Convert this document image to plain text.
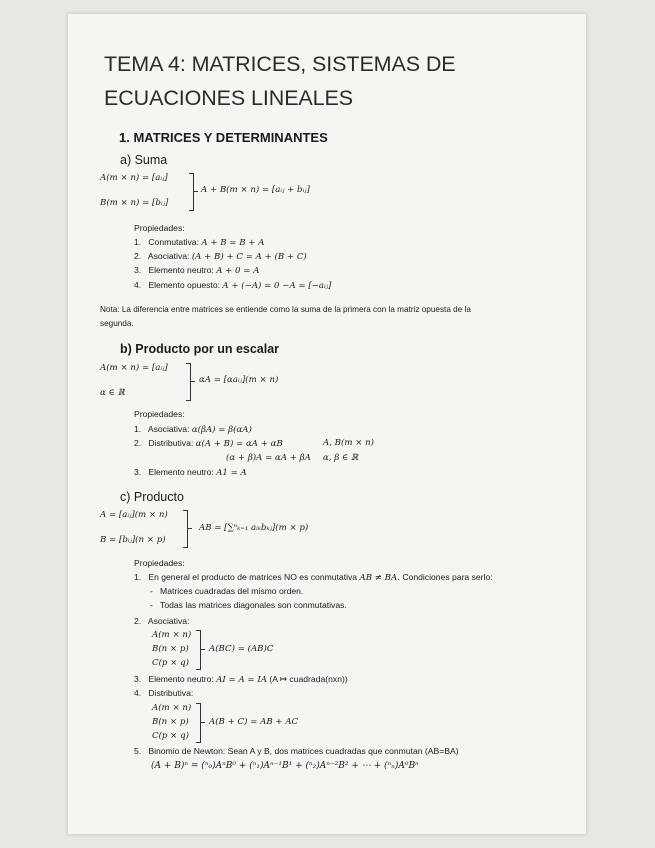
TEMA 4: MATRICES, SISTEMAS DE
ECUACIONES LINEALES
1. MATRICES Y DETERMINANTES
a) Suma
A(m × n) = [aᵢⱼ]
B(m × n) = [bᵢⱼ]
A + B(m × n) = [aᵢⱼ + bᵢⱼ]
Propiedades:
1. Conmutativa: A + B = B + A
2. Asociativa: (A + B) + C = A + (B + C)
3. Elemento neutro: A + 0 = A
4. Elemento opuesto: A + (−A) = 0 −A = [−aᵢⱼ]
Nota: La diferencia entre matrices se entiende como la suma de la primera con la matriz opuesta de la
segunda.
b) Producto por un escalar
A(m × n) = [aᵢⱼ]
α ∈ ℝ
αA = [αaᵢⱼ](m × n)
Propiedades:
1. Asociativa: α(βA) = β(αA)
2. Distributiva: α(A + B) = αA + αB	A, B(m × n)
(α + β)A = αA + βA α, β ∈ ℝ
3. Elemento neutro: A1 = A
c) Producto
A = [aᵢⱼ](m × n)
B = [bᵢⱼ](n × p)
AB = [∑ⁿₖ₌₁ aᵢₖbₖⱼ](m × p)
Propiedades:
1. En general el producto de matrices NO es conmutativa AB ≠ BA. Condiciones para serlo:
-   Matrices cuadradas del mismo orden.
-   Todas las matrices diagonales son conmutativas.
2. Asociativa:
A(m × n)
B(n × p)
C(p × q)
A(BC) = (AB)C
3. Elemento neutro: AI = A = IA (A ↦ cuadrada(nxn))
4. Distributiva:
A(m × n)
B(n × p)
C(p × q)
A(B + C) = AB + AC
5. Binomio de Newton: Sean A y B, dos matrices cuadradas que conmutan (AB=BA)
(A + B)ⁿ = (ⁿ₀)AⁿB⁰ + (ⁿ₁)Aⁿ⁻¹B¹ + (ⁿ₂)Aⁿ⁻²B² + ⋯ + (ⁿₙ)A⁰Bⁿ
